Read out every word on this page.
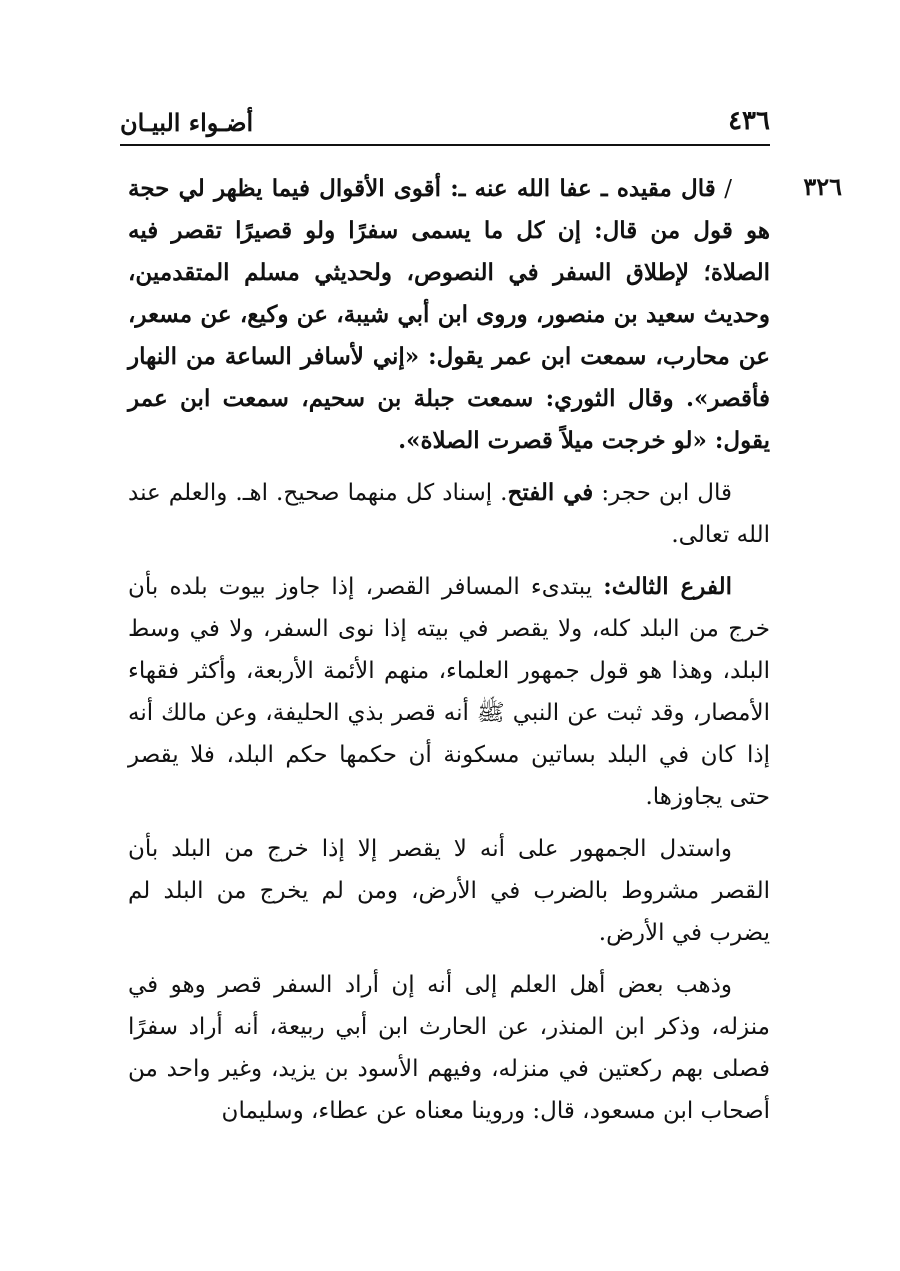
٤٣٦
أضـواء البيـان
٣٢٦

/ قال مقيده ـ عفا الله عنه ـ: أقوى الأقوال فيما يظهر لي حجة هو قول من قال: إن كل ما يسمى سفرًا ولو قصيرًا تقصر فيه الصلاة؛ لإطلاق السفر في النصوص، ولحديثي مسلم المتقدمين، وحديث سعيد بن منصور، وروى ابن أبي شيبة، عن وكيع، عن مسعر، عن محارب، سمعت ابن عمر يقول: «إني لأسافر الساعة من النهار فأقصر». وقال الثوري: سمعت جبلة بن سحيم، سمعت ابن عمر يقول: «لو خرجت ميلاً قصرت الصلاة».

قال ابن حجر: في الفتح. إسناد كل منهما صحيح. اهـ. والعلم عند الله تعالى.

الفرع الثالث: يبتدىء المسافر القصر، إذا جاوز بيوت بلده بأن خرج من البلد كله، ولا يقصر في بيته إذا نوى السفر، ولا في وسط البلد، وهذا هو قول جمهور العلماء، منهم الأئمة الأربعة، وأكثر فقهاء الأمصار، وقد ثبت عن النبي ﷺ أنه قصر بذي الحليفة، وعن مالك أنه إذا كان في البلد بساتين مسكونة أن حكمها حكم البلد، فلا يقصر حتى يجاوزها.

واستدل الجمهور على أنه لا يقصر إلا إذا خرج من البلد بأن القصر مشروط بالضرب في الأرض، ومن لم يخرج من البلد لم يضرب في الأرض.

وذهب بعض أهل العلم إلى أنه إن أراد السفر قصر وهو في منزله، وذكر ابن المنذر، عن الحارث ابن أبي ربيعة، أنه أراد سفرًا فصلى بهم ركعتين في منزله، وفيهم الأسود بن يزيد، وغير واحد من أصحاب ابن مسعود، قال: وروينا معناه عن عطاء، وسليمان
